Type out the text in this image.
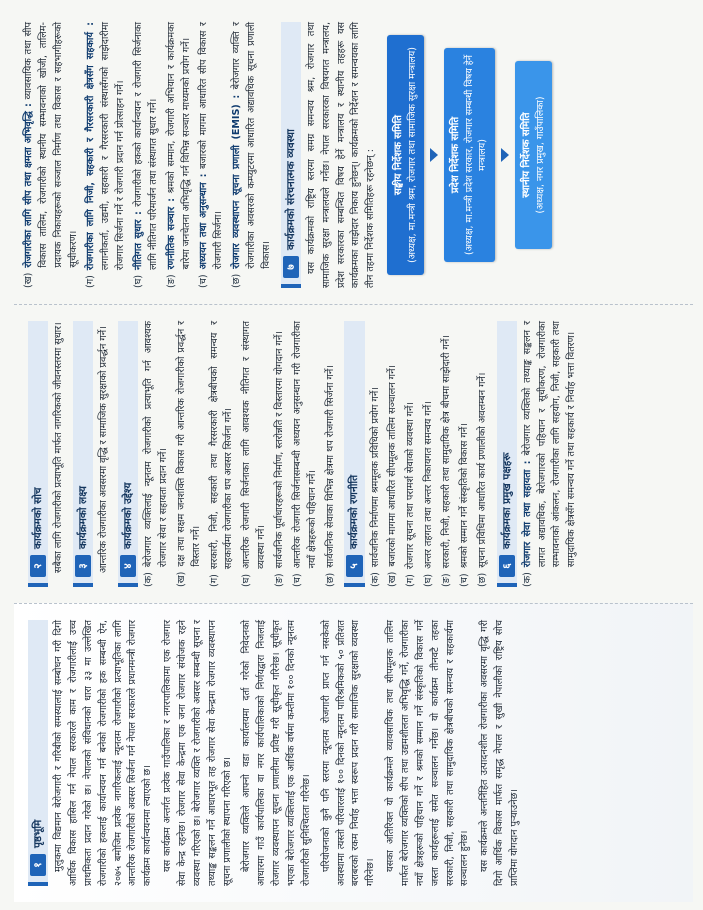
१
पृष्ठभूमि मुलुकमा विद्यमान बेरोजगारी र गरिबीको समस्यालाई सम्बोधन गरी दिगो आर्थिक विकास हासिल गर्न नेपाल सरकारले काम र रोजगारीलाई उच्च प्राथमिकता प्रदान गरेको छ। नेपालको संविधानको धारा ३३ मा उल्लेखित रोजगारीको हकलाई कार्यान्वयन गर्न बनेको रोजगारीको हक सम्बन्धी ऐन, २०७५ बमोजिम प्रत्येक नागरिकलाई न्यूनतम रोजगारीको प्रत्याभूतिका लागि आन्तरिक रोजगारीको अवसर सिर्जना गर्न नेपाल सरकारले प्रधानमन्त्री रोजगार कार्यक्रम कार्यान्वयनमा ल्याएको छ। यस कार्यक्रम अन्तर्गत प्रत्येक गाउँपालिका र नगरपालिकामा एक रोजगार सेवा केन्द्र रहनेछ। रोजगार सेवा केन्द्रमा एक जना रोजगार संयोजक रहने व्यवस्था गरिएको छ। बेरोजगार व्यक्ति र रोजगारीको अवसर सम्बन्धी सूचना र तथ्याङ्क सङ्कलन गर्ने आधारभूत तह रोजगार सेवा केन्द्रमा रोजगार व्यवस्थापन सूचना प्रणालीको स्थापना गरिएको छ। बेरोजगार व्यक्तिले आफ्नो वडा कार्यालयमा दर्ता गरेको निवेदनको आधारमा गाउँ कार्यपालिका वा नगर कार्यपालिकाको निर्णयद्वारा निजलाई रोजगार व्यवस्थापन सूचना प्रणालीमा प्रविष्ट गरी सूचीकृत गरिनेछ। सूचीकृत भएका बेरोजगार व्यक्तिलाई एक आर्थिक वर्षमा कम्तीमा १०० दिनको न्यूनतम रोजगारीको सुनिश्चितता गरिनेछ। परियोजनाको कुनै पनि स्तरमा न्यूनतम रोजगारी प्राप्त गर्न नसकेको अवस्थामा त्यस्तो परिवारलाई १०० दिनको न्यूनतम पारिश्रमिकको ५० प्रतिशत बराबरको रकम निर्वाह भत्ता स्वरूप प्रदान गरी सामाजिक सुरक्षाको व्यवस्था गरिनेछ।

यसका अतिरिक्त यो कार्यक्रमले व्यावसायिक तथा सीपमूलक तालिम मार्फत बेरोजगार व्यक्तिको सीप तथा उद्यमशीलता अभिवृद्धि गर्ने, रोजगारीका नयाँ क्षेत्रहरूको पहिचान गर्ने र श्रमको सम्मान गर्ने संस्कृतिको विकास गर्ने जस्ता कार्यहरूलाई समेत सञ्चालन गर्नेछ। यो कार्यक्रम तीनवटै तहका सरकारी, निजी, सहकारी तथा सामुदायिक क्षेत्रबीचको समन्वय र सहकार्यमा सञ्चालन हुनेछ। यस कार्यक्रमले अन्तर्निहित उत्पादनशील रोजगारीका अवसरमा वृद्धि गरी दिगो आर्थिक विकास मार्फत समृद्ध नेपाल र सुखी नेपालीको राष्ट्रिय सोच प्राप्तिमा योगदान पुर्‍याउनेछ।

२
कार्यक्रमको सोच सबैका लागि रोजगारीको प्रत्याभूति मार्फत नागरिकको जीवनस्तरमा सुधार। ३
कार्यक्रमको लक्ष्य आन्तरिक रोजगारीका अवसरमा वृद्धि र सामाजिक सुरक्षाको प्रवर्द्धन गर्ने। ४
कार्यक्रमको उद्देश्य
(क)
बेरोजगार व्यक्तिलाई न्यूनतम रोजगारीको प्रत्याभूति गर्न आवश्यक रोजगार सेवा र सहायता प्रदान गर्ने।
(ख)
दक्ष तथा सक्षम जनशक्ति विकास गरी आन्तरिक रोजगारीको प्रवर्द्धन र विस्तार गर्ने।
(ग)
सरकारी, निजी, सहकारी तथा गैरसरकारी क्षेत्रबीचको समन्वय र सहकार्यमा रोजगारीका थप अवसर सिर्जना गर्ने।
(घ)
आन्तरिक रोजगारी सिर्जनाका लागि आवश्यक नीतिगत र संस्थागत व्यवस्था गर्ने।
(ङ)
सार्वजनिक पूर्वाधारहरूको निर्माण, स्तरोन्नति र विस्तारमा योगदान गर्ने।
(च)
आन्तरिक रोजगारी सिर्जनासम्बन्धी अध्ययन अनुसन्धान गरी रोजगारीका नयाँ क्षेत्रहरूको पहिचान गर्ने।
(छ)
सार्वजनिक सेवाका विभिन्न क्षेत्रमा थप रोजगारी सिर्जना गर्ने। ५
कार्यक्रमको रणनीति
(क)
सार्वजनिक निर्माणमा श्रममूलक प्रविधिको प्रयोग गर्ने।
(ख)
बजारको मागमा आधारित सीपमूलक तालिम सञ्चालन गर्ने।
(ग)
रोजगार सूचना तथा परामर्श सेवाको व्यवस्था गर्ने।
(घ)
अन्तर तहगत तथा अन्तर निकायगत समन्वय गर्ने।
(ङ)
सरकारी, निजी, सहकारी तथा सामुदायिक क्षेत्र बीचमा साझेदारी गर्ने।
(च)
श्रमको सम्मान गर्ने संस्कृतिको विकास गर्ने।
(छ)
सूचना प्रविधिमा आधारित कार्य प्रणालीको अवलम्बन गर्ने। ६
कार्यक्रमका प्रमुख पक्षहरू
(क)
रोजगार सेवा तथा सहायता : बेरोजगार व्यक्तिको तथ्याङ्क सङ्कलन र लागत अद्यावधिक, बेरोजगारको पहिचान र सूचीकरण, रोजगारीका सम्भावनाको आंकलन, रोजगारीका लागि सहयोग, निजी, सहकारी तथा सामुदायिक क्षेत्रसँग समन्वय गर्ने तथा सहकार्य र निर्वाह भत्ता वितरण।
(ख)
रोजगारीका लागि सीप तथा क्षमता अभिवृद्धि : व्यावसायिक तथा सीप विकास तालिम, रोजगारीको स्थानीय सम्भावनाको खोजी, तालिम-प्रदायक निकायहरूको सञ्जाल निर्माण तथा विकास र सहभागीहरूको सूचीकरण।
(ग)
रोजगारीका लागि निजी, सहकारी र गैरसरकारी क्षेत्रसँग सहकार्य : लगानीकर्ता, उद्यमी, सहकारी र गैरसरकारी संस्थासँगको साझेदारीमा रोजगार सिर्जना गर्ने र रोजगारी प्रदान गर्न प्रोत्साहन गर्ने।
(घ)
नीतिगत सुधार : रोजगारीको हकको कार्यान्वयन र रोजगारी सिर्जनाका लागि नीतिगत परिमार्जन तथा संस्थागत सुधार गर्ने।
(ङ)
रणनीतिक सञ्चार : श्रमको सम्मान, रोजगारी अभियान र कार्यक्रमका बारेमा जनचेतना अभिवृद्धि गर्न विभिन्न सञ्चार माध्यमको प्रयोग गर्ने।
(च)
अध्ययन तथा अनुसन्धान : बजारको मागमा आधारित सीप विकास र रोजगारी सिर्जना।
(छ)
रोजगार व्यवस्थापन सूचना प्रणाली (EMIS) : बेरोजगार व्यक्ति र रोजगारीका अवसरको कम्प्युटरमा आधारित अद्यावधिक सूचना प्रणाली विकास। ७
कार्यक्रमको संरचनात्मक व्यवस्था यस कार्यक्रमको राष्ट्रिय स्तरमा समग्र समन्वय श्रम, रोजगार तथा सामाजिक सुरक्षा मन्त्रालयले गर्नेछ। नेपाल सरकारका विषयगत मन्त्रालय, प्रदेश सरकारका सम्बन्धित विषय हेर्ने मन्त्रालय र स्थानीय तहहरू यस कार्यक्रमका साझेदार निकाय हुनेछन्। कार्यक्रमको निर्देशन र समन्वयका लागि तीन तहमा निर्देशक समितिहरू रहनेछन् : सङ्घीय निर्देशक समिति (अध्यक्ष, मा.मन्त्री श्रम, रोजगार तथा सामाजिक सुरक्षा मन्त्रालय)	प्रदेश निर्देशक समिति (अध्यक्ष, मा.मन्त्री प्रदेश सरकार, रोजगार सम्बन्धी विषय हेर्ने मन्त्रालय)	स्थानीय निर्देशक समिति (अध्यक्ष, नगर प्रमुख, गाउँपालिका)
